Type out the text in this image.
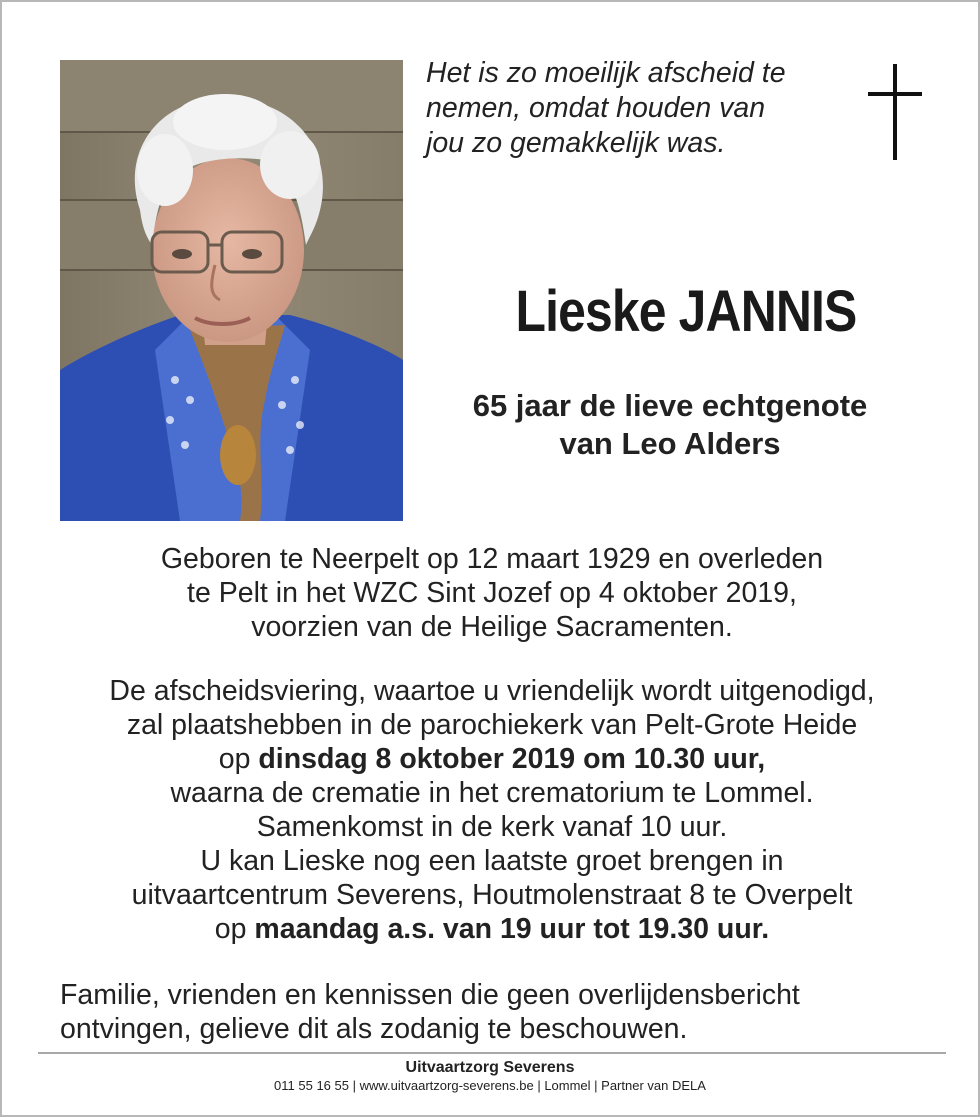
Het is zo moeilijk afscheid te
nemen, omdat houden van
jou zo gemakkelijk was.
Lieske JANNIS
65 jaar de lieve echtgenote
van Leo Alders
Geboren te Neerpelt op 12 maart 1929 en overleden
te Pelt in het WZC Sint Jozef op 4 oktober 2019,
voorzien van de Heilige Sacramenten.
De afscheidsviering, waartoe u vriendelijk wordt uitgenodigd,
zal plaatshebben in de parochiekerk van Pelt-Grote Heide
op dinsdag 8 oktober 2019 om 10.30 uur,
waarna de crematie in het crematorium te Lommel.
Samenkomst in de kerk vanaf 10 uur.
U kan Lieske nog een laatste groet brengen in
uitvaartcentrum Severens, Houtmolenstraat 8 te Overpelt
op maandag a.s. van 19 uur tot 19.30 uur.
Familie, vrienden en kennissen die geen overlijdensbericht
ontvingen, gelieve dit als zodanig te beschouwen.
Uitvaartzorg Severens
011 55 16 55 | www.uitvaartzorg-severens.be | Lommel | Partner van DELA
